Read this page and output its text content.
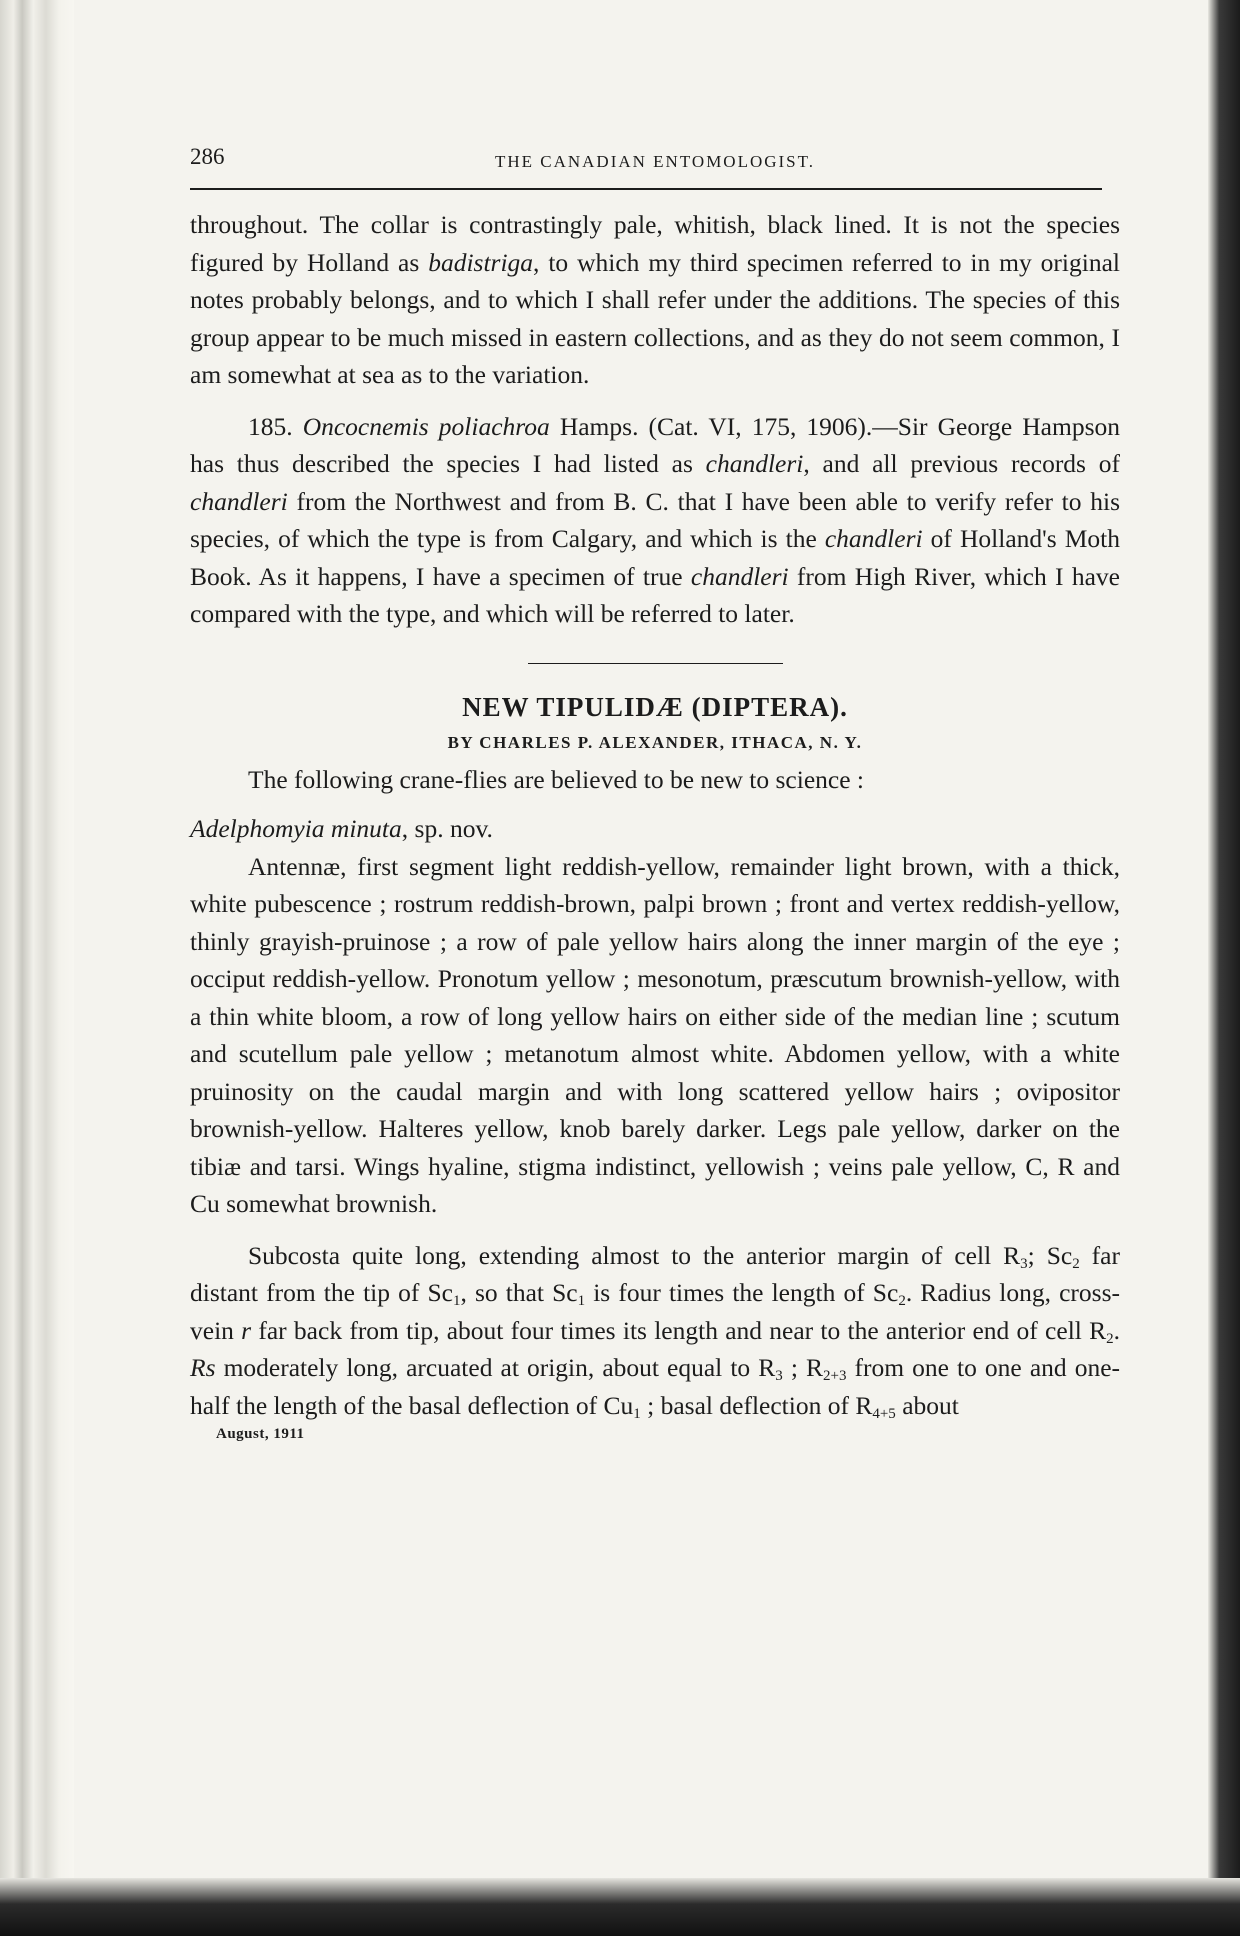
286	THE CANADIAN ENTOMOLOGIST.

throughout. The collar is contrastingly pale, whitish, black lined. It is not the species figured by Holland as badistriga, to which my third specimen referred to in my original notes probably belongs, and to which I shall refer under the additions. The species of this group appear to be much missed in eastern collections, and as they do not seem common, I am somewhat at sea as to the variation.

185. Oncocnemis poliachroa Hamps. (Cat. VI, 175, 1906).—Sir George Hampson has thus described the species I had listed as chandleri, and all previous records of chandleri from the Northwest and from B. C. that I have been able to verify refer to his species, of which the type is from Calgary, and which is the chandleri of Holland's Moth Book. As it happens, I have a specimen of true chandleri from High River, which I have compared with the type, and which will be referred to later.

NEW TIPULIDÆ (DIPTERA).
BY CHARLES P. ALEXANDER, ITHACA, N. Y.

The following crane-flies are believed to be new to science :

Adelphomyia minuta, sp. nov.

Antennæ, first segment light reddish-yellow, remainder light brown, with a thick, white pubescence ; rostrum reddish-brown, palpi brown ; front and vertex reddish-yellow, thinly grayish-pruinose ; a row of pale yellow hairs along the inner margin of the eye ; occiput reddish-yellow. Pronotum yellow ; mesonotum, præscutum brownish-yellow, with a thin white bloom, a row of long yellow hairs on either side of the median line ; scutum and scutellum pale yellow ; metanotum almost white. Abdomen yellow, with a white pruinosity on the caudal margin and with long scattered yellow hairs ; ovipositor brownish-yellow. Halteres yellow, knob barely darker. Legs pale yellow, darker on the tibiæ and tarsi. Wings hyaline, stigma indistinct, yellowish ; veins pale yellow, C, R and Cu somewhat brownish.

Subcosta quite long, extending almost to the anterior margin of cell $R_3$; $Sc_2$ far distant from the tip of $Sc_1$, so that $Sc_1$ is four times the length of $Sc_2$. Radius long, cross-vein r far back from tip, about four times its length and near to the anterior end of cell $R_2$. Rs moderately long, arcuated at origin, about equal to $R_3$ ; $R_{2+3}$ from one to one and one-half the length of the basal deflection of $Cu_1$ ; basal deflection of $R_{4+5}$ about

August, 1911
